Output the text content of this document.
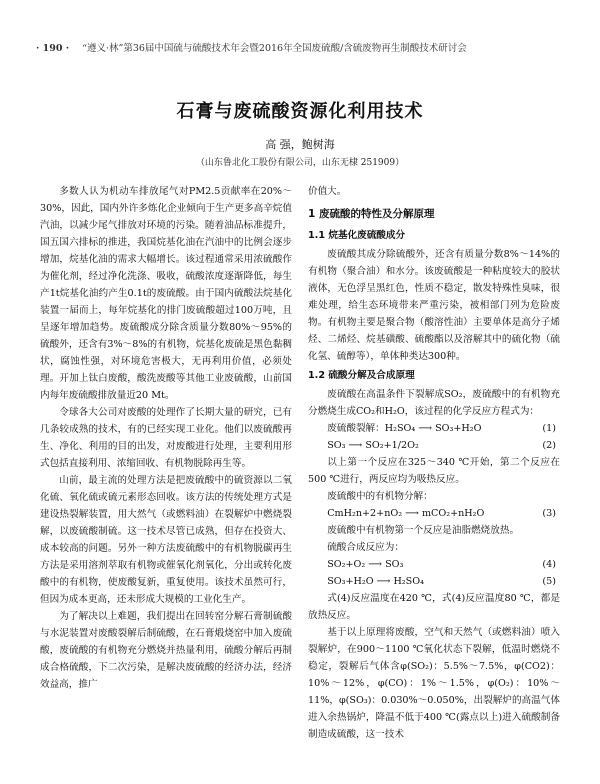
· 190 · “遵义·林”第36届中国硫与硫酸技术年会暨2016年全国废硫酸/含硫废物再生制酸技术研讨会
石膏与废硫酸资源化利用技术
高 强，鲍树海
（山东鲁北化工股份有限公司，山东无棣 251909）

多数人认为机动车排放尾气对PM2.5贡献率在20%～30%，因此，国内外许多炼化企业倾向于生产更多高辛烷值汽油，以减少尾气排放对环境的污染。随着油品标准提升，国五国六排标的推进，我国烷基化油在汽油中的比例会逐步增加，烷基化油的需求大幅增长。该过程通常采用浓硫酸作为催化剂，经过净化洗涤、吸收，硫酸浓度逐渐降低，每生产1t烷基化油约产生0.1t的废硫酸。由于国内硫酸法烷基化装置一届而上，每年烷基化的排门废硫酸超过100万吨，且呈逐年增加趋势。废硫酸成分除含质量分数80%～95%的硫酸外，还含有3%～8%的有机物，烷基化废硫是黑色黏稠状，腐蚀性强，对环境危害极大，无再利用价值，必须处理。开加上钛白废酸，酸洗废酸等其他工业废硫酸，山前国内每年废硫酸排放量近20 Mt。

令球各大公司对废酸的处理作了长期大量的研究，已有几条较成熟的技术，有的已经实现工业化。他们以废硫酸再生、净化、利用的目的出发，对废酸进行处理，主要利用形式包括直接利用、浓缩回收、有机物脱除再生等。

山前，最主流的处理方法是把废硫酸中的硫资源以二氧化硫、氧化硫或硫元素形态回收。该方法的传统处理方式是建设热裂解装置，用大然气（或燃料油）在裂解炉中燃烧裂解，以废硫酸制硫。这一技术尽管已成熟，但存在投资大、成本较高的问题。另外一种方法废硫酸中的有机物脱碳再生方法是采用溶剂萃取有机物或催氧化剂氧化，分出或转化废酸中的有机物，使废酸复新，重复使用。该技术虽然可行，但因为成本更高，还未形成大规模的工业化生产。

为了解决以上难题，我们提出在回转窑分解石膏制硫酸与水泥装置对废酸裂解后制硫酸，在石膏煅烧窑中加入废硫酸，废硫酸的有机物充分燃烧并热量利用，硫酸分解后再制成合格硫酸，下二次污染，是解决废硫酸的经济办法，经济效益高，推广

价值大。

1 废硫酸的特性及分解原理
1.1 烷基化废硫酸成分

废硫酸其成分除硫酸外，还含有质量分数8%～14%的有机物（聚合油）和水分。该废硫酸是一种粘度较大的胶状液体，无色浮呈黑红色，性质不稳定，散发特殊性臭味，很难处理，给生态环境带来严重污染，被相部门列为危险废物。有机物主要是聚合物（酸溶性油）主要单体是高分子烯烃、二烯烃、烷基磺酸、硫酸酯以及溶解其中的硫化物（硫化氢、硫醇等），单体种类达300种。

1.2 硫酸分解及合成原理

废硫酸在高温条件下裂解成SO₂，废硫酸中的有机物充分燃烧生成CO₂和H₂O，该过程的化学反应方程式为：

废硫酸裂解：H₂SO₄ ⟶ SO₃+H₂O	(1)
SO₃ ⟶ SO₂+1/2O₂	(2)

以上第一个反应在325～340 ℃开始，第二个反应在500 ℃进行，两反应均为吸热反应。

废硫酸中的有机物分解：

CmH₂n+2+nO₂ ⟶ mCO₂+nH₂O	(3)

废硫酸中有机物第一个反应是油脂燃烧放热。

硫酸合成反应为：

SO₂+O₂ ⟶ SO₃	(4)
SO₃+H₂O ⟶ H₂SO₄	(5)

式(4)反应温度在420 ℃，式(4)反应温度80 ℃，都是放热反应。

基于以上原理将废酸，空气和天然气（或燃料油）喷入裂解炉，在900～1100 ℃氧化状态下裂解，低温时燃烧不稳定，裂解后气体含φ(SO₂)：5.5%～7.5%，φ(CO2)：10%～12%，φ(CO)：1%～1.5%，φ(O₂)：10%～11%，φ(SO₃)：0.030%～0.050%，出裂解炉的高温气体进入余热锅炉，降温不低于400 ℃(露点以上)进入硫酸制备制造成硫酸，这一技术
